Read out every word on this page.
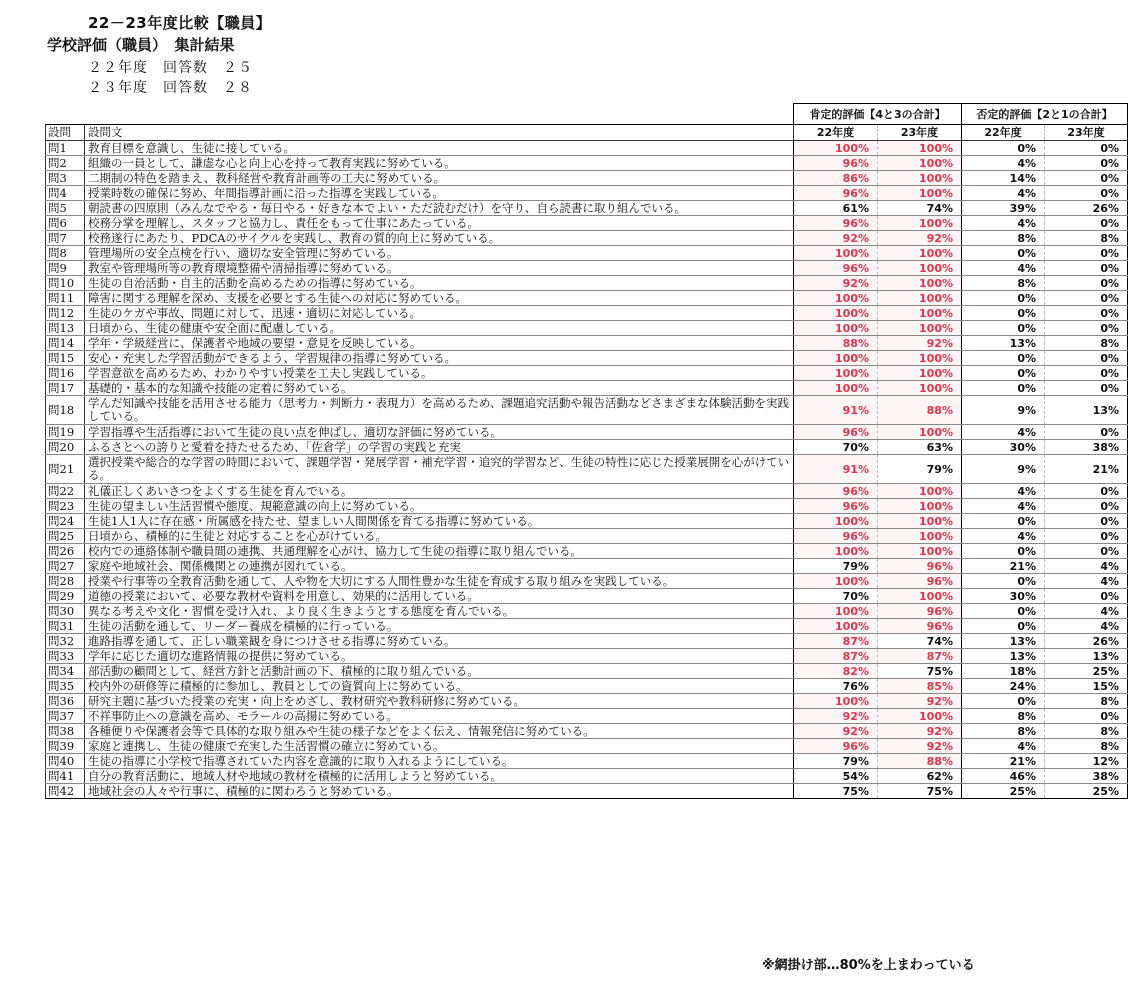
22－23年度比較【職員】
学校評価（職員）　集計結果
２２年度　回答数　２５
２３年度　回答数　２８
		肯定的評価【4と3の合計】		否定的評価【2と1の合計】	
設問	設問文	22年度	23年度	22年度	23年度
問1	教育目標を意識し、生徒に接している。	100%	100%	0%	0%
問2	組織の一員として、謙虚な心と向上心を持って教育実践に努めている。	96%	100%	4%	0%
問3	二期制の特色を踏まえ、教科経営や教育計画等の工夫に努めている。	86%	100%	14%	0%
問4	授業時数の確保に努め、年間指導計画に沿った指導を実践している。	96%	100%	4%	0%
問5	朝読書の四原則（みんなでやる・毎日やる・好きな本でよい・ただ読むだけ）を守り、自ら読書に取り組んでいる。	61%	74%	39%	26%
問6	校務分掌を理解し、スタッフと協力し、責任をもって仕事にあたっている。	96%	100%	4%	0%
問7	校務遂行にあたり、PDCAのサイクルを実践し、教育の質的向上に努めている。	92%	92%	8%	8%
問8	管理場所の安全点検を行い、適切な安全管理に努めている。	100%	100%	0%	0%
問9	教室や管理場所等の教育環境整備や清掃指導に努めている。	96%	100%	4%	0%
問10	生徒の自治活動・自主的活動を高めるための指導に努めている。	92%	100%	8%	0%
問11	障害に関する理解を深め、支援を必要とする生徒への対応に努めている。	100%	100%	0%	0%
問12	生徒のケガや事故、問題に対して、迅速・適切に対応している。	100%	100%	0%	0%
問13	日頃から、生徒の健康や安全面に配慮している。	100%	100%	0%	0%
問14	学年・学級経営に、保護者や地域の要望・意見を反映している。	88%	92%	13%	8%
問15	安心・充実した学習活動ができるよう、学習規律の指導に努めている。	100%	100%	0%	0%
問16	学習意欲を高めるため、わかりやすい授業を工夫し実践している。	100%	100%	0%	0%
問17	基礎的・基本的な知識や技能の定着に努めている。	100%	100%	0%	0%
問18	学んだ知識や技能を活用させる能力（思考力・判断力・表現力）を高めるため、課題追究活動や報告活動などさまざまな体験活動を実践している。	91%	88%	9%	13%
問19	学習指導や生活指導において生徒の良い点を伸ばし、適切な評価に努めている。	96%	100%	4%	0%
問20	ふるさとへの誇りと愛着を持たせるため、「佐倉学」の学習の実践と充実	70%	63%	30%	38%
問21	選択授業や総合的な学習の時間において、課題学習・発展学習・補充学習・追究的学習など、生徒の特性に応じた授業展開を心がけている。	91%	79%	9%	21%
問22	礼儀正しくあいさつをよくする生徒を育んでいる。	96%	100%	4%	0%
問23	生徒の望ましい生活習慣や態度、規範意識の向上に努めている。	96%	100%	4%	0%
問24	生徒1人1人に存在感・所属感を持たせ、望ましい人間関係を育てる指導に努めている。	100%	100%	0%	0%
問25	日頃から、積極的に生徒と対応することを心がけている。	96%	100%	4%	0%
問26	校内での連絡体制や職員間の連携、共通理解を心がけ、協力して生徒の指導に取り組んでいる。	100%	100%	0%	0%
問27	家庭や地域社会、関係機関との連携が図れている。	79%	96%	21%	4%
問28	授業や行事等の全教育活動を通して、人や物を大切にする人間性豊かな生徒を育成する取り組みを実践している。	100%	96%	0%	4%
問29	道徳の授業において、必要な教材や資料を用意し、効果的に活用している。	70%	100%	30%	0%
問30	異なる考えや文化・習慣を受け入れ、より良く生きようとする態度を育んでいる。	100%	96%	0%	4%
問31	生徒の活動を通して、リーダー養成を積極的に行っている。	100%	96%	0%	4%
問32	進路指導を通して、正しい職業観を身につけさせる指導に努めている。	87%	74%	13%	26%
問33	学年に応じた適切な進路情報の提供に努めている。	87%	87%	13%	13%
問34	部活動の顧問として、経営方針と活動計画の下、積極的に取り組んでいる。	82%	75%	18%	25%
問35	校内外の研修等に積極的に参加し、教員としての資質向上に努めている。	76%	85%	24%	15%
問36	研究主題に基づいた授業の充実・向上をめざし、教材研究や教科研修に努めている。	100%	92%	0%	8%
問37	不祥事防止への意識を高め、モラールの高揚に努めている。	92%	100%	8%	0%
問38	各種便りや保護者会等で具体的な取り組みや生徒の様子などをよく伝え、情報発信に努めている。	92%	92%	8%	8%
問39	家庭と連携し、生徒の健康で充実した生活習慣の確立に努めている。	96%	92%	4%	8%
問40	生徒の指導に小学校で指導されていた内容を意識的に取り入れるようにしている。	79%	88%	21%	12%
問41	自分の教育活動に、地域人材や地域の教材を積極的に活用しようと努めている。	54%	62%	46%	38%
問42	地域社会の人々や行事に、積極的に関わろうと努めている。	75%	75%	25%	25%
※網掛け部…80%を上まわっている
